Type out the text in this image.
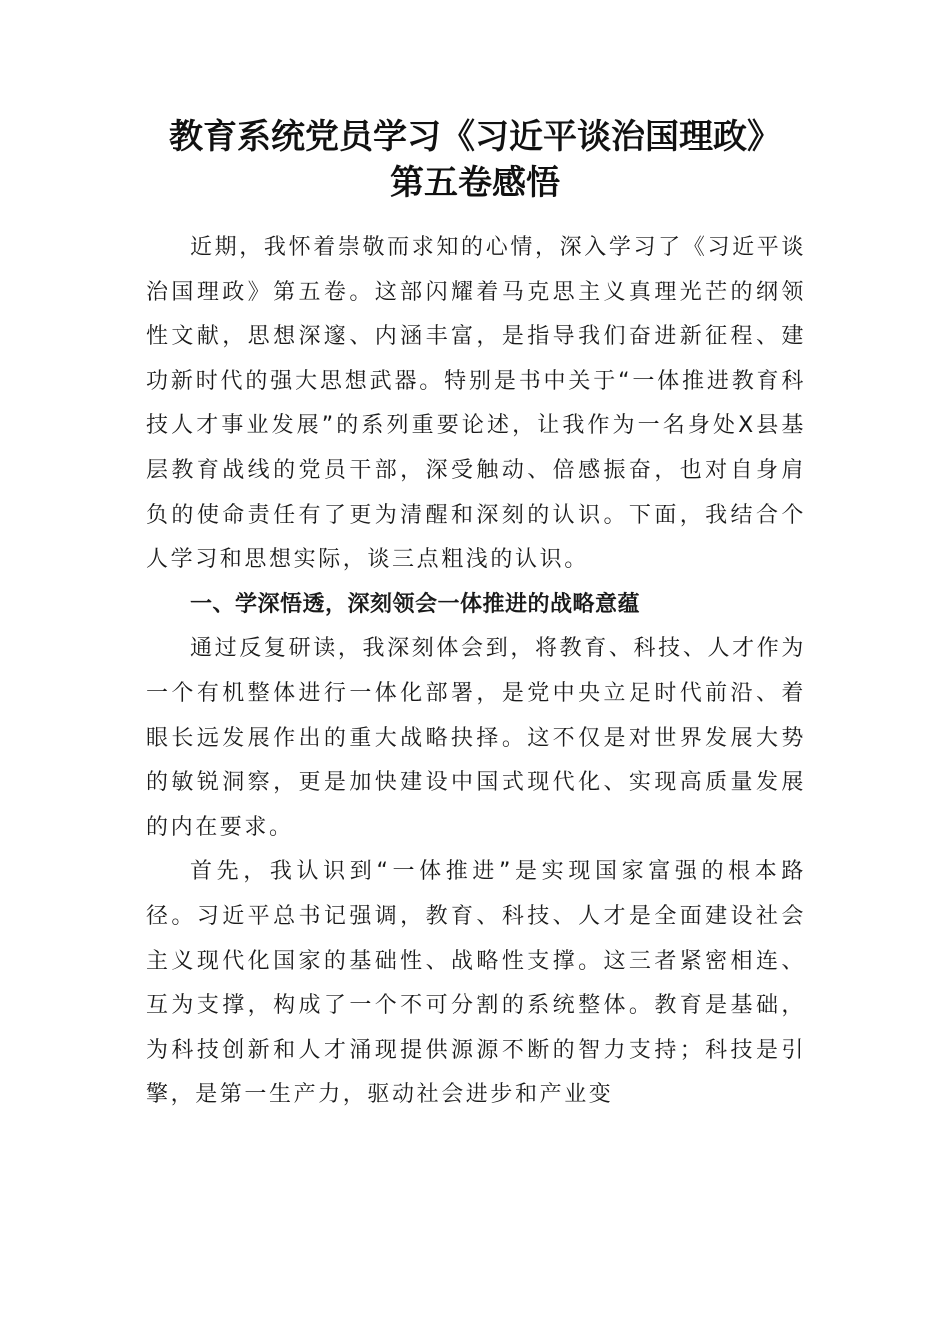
教育系统党员学习《习近平谈治国理政》
第五卷感悟

近期，我怀着崇敬而求知的心情，深入学习了《习近平谈治国理政》第五卷。这部闪耀着马克思主义真理光芒的纲领性文献，思想深邃、内涵丰富，是指导我们奋进新征程、建功新时代的强大思想武器。特别是书中关于“一体推进教育科技人才事业发展”的系列重要论述，让我作为一名身处X县基层教育战线的党员干部，深受触动、倍感振奋，也对自身肩负的使命责任有了更为清醒和深刻的认识。下面，我结合个人学习和思想实际，谈三点粗浅的认识。

一、学深悟透，深刻领会一体推进的战略意蕴

通过反复研读，我深刻体会到，将教育、科技、人才作为一个有机整体进行一体化部署，是党中央立足时代前沿、着眼长远发展作出的重大战略抉择。这不仅是对世界发展大势的敏锐洞察，更是加快建设中国式现代化、实现高质量发展的内在要求。

首先，我认识到“一体推进”是实现国家富强的根本路径。习近平总书记强调，教育、科技、人才是全面建设社会主义现代化国家的基础性、战略性支撑。这三者紧密相连、互为支撑，构成了一个不可分割的系统整体。教育是基础，为科技创新和人才涌现提供源源不断的智力支持；科技是引擎，是第一生产力，驱动社会进步和产业变
